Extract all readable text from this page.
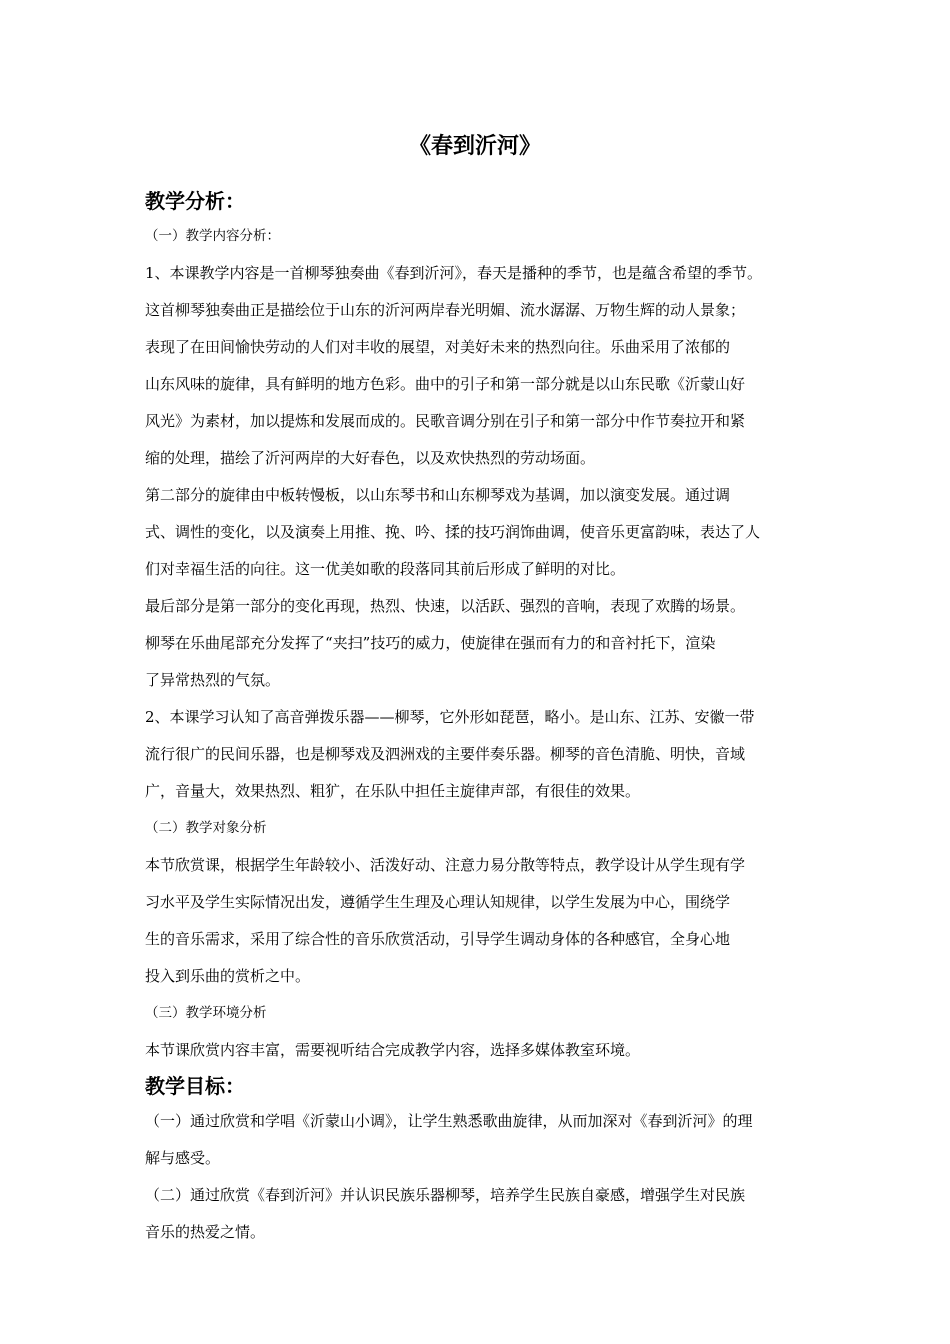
《春到沂河》
教学分析：
（一）教学内容分析：
1、本课教学内容是一首柳琴独奏曲《春到沂河》，春天是播种的季节，也是蕴含希望的季节。
这首柳琴独奏曲正是描绘位于山东的沂河两岸春光明媚、流水潺潺、万物生辉的动人景象；
表现了在田间愉快劳动的人们对丰收的展望，对美好未来的热烈向往。乐曲采用了浓郁的
山东风味的旋律，具有鲜明的地方色彩。曲中的引子和第一部分就是以山东民歌《沂蒙山好
风光》为素材，加以提炼和发展而成的。民歌音调分别在引子和第一部分中作节奏拉开和紧
缩的处理，描绘了沂河两岸的大好春色，以及欢快热烈的劳动场面。
第二部分的旋律由中板转慢板，以山东琴书和山东柳琴戏为基调，加以演变发展。通过调
式、调性的变化，以及演奏上用推、挽、吟、揉的技巧润饰曲调，使音乐更富韵味，表达了人
们对幸福生活的向往。这一优美如歌的段落同其前后形成了鲜明的对比。
最后部分是第一部分的变化再现，热烈、快速，以活跃、强烈的音响，表现了欢腾的场景。
柳琴在乐曲尾部充分发挥了“夹扫”技巧的威力，使旋律在强而有力的和音衬托下，渲染
了异常热烈的气氛。
2、本课学习认知了高音弹拨乐器——柳琴，它外形如琵琶，略小。是山东、江苏、安徽一带
流行很广的民间乐器，也是柳琴戏及泗洲戏的主要伴奏乐器。柳琴的音色清脆、明快，音域
广，音量大，效果热烈、粗犷，在乐队中担任主旋律声部，有很佳的效果。
（二）教学对象分析
本节欣赏课，根据学生年龄较小、活泼好动、注意力易分散等特点，教学设计从学生现有学
习水平及学生实际情况出发，遵循学生生理及心理认知规律，以学生发展为中心，围绕学
生的音乐需求，采用了综合性的音乐欣赏活动，引导学生调动身体的各种感官，全身心地
投入到乐曲的赏析之中。
（三）教学环境分析
本节课欣赏内容丰富，需要视听结合完成教学内容，选择多媒体教室环境。
教学目标：
（一）通过欣赏和学唱《沂蒙山小调》，让学生熟悉歌曲旋律，从而加深对《春到沂河》的理
解与感受。
（二）通过欣赏《春到沂河》并认识民族乐器柳琴，培养学生民族自豪感，增强学生对民族
音乐的热爱之情。
